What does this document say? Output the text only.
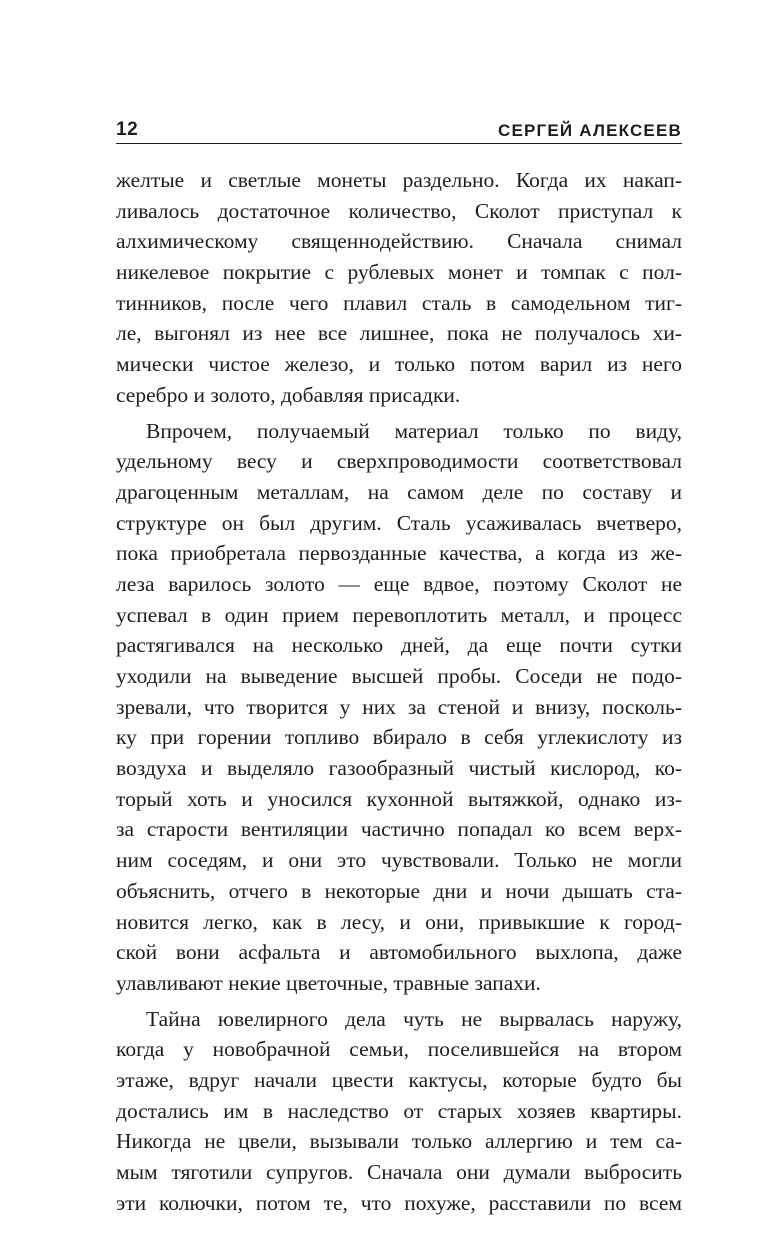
12	СЕРГЕЙ АЛЕКСЕЕВ
желтые и светлые монеты раздельно. Когда их накап-
ливалось достаточное количество, Сколот приступал к
алхимическому священнодействию. Сначала снимал
никелевое покрытие с рублевых монет и томпак с пол-
тинников, после чего плавил сталь в самодельном тиг-
ле, выгонял из нее все лишнее, пока не получалось хи-
мически чистое железо, и только потом варил из него
серебро и золото, добавляя присадки.
Впрочем, получаемый материал только по виду,
удельному весу и сверхпроводимости соответствовал
драгоценным металлам, на самом деле по составу и
структуре он был другим. Сталь усаживалась вчетверо,
пока приобретала первозданные качества, а когда из же-
леза варилось золото — еще вдвое, поэтому Сколот не
успевал в один прием перевоплотить металл, и процесс
растягивался на несколько дней, да еще почти сутки
уходили на выведение высшей пробы. Соседи не подо-
зревали, что творится у них за стеной и внизу, посколь-
ку при горении топливо вбирало в себя углекислоту из
воздуха и выделяло газообразный чистый кислород, ко-
торый хоть и уносился кухонной вытяжкой, однако из-
за старости вентиляции частично попадал ко всем верх-
ним соседям, и они это чувствовали. Только не могли
объяснить, отчего в некоторые дни и ночи дышать ста-
новится легко, как в лесу, и они, привыкшие к город-
ской вони асфальта и автомобильного выхлопа, даже
улавливают некие цветочные, травные запахи.
Тайна ювелирного дела чуть не вырвалась наружу,
когда у новобрачной семьи, поселившейся на втором
этаже, вдруг начали цвести кактусы, которые будто бы
достались им в наследство от старых хозяев квартиры.
Никогда не цвели, вызывали только аллергию и тем са-
мым тяготили супругов. Сначала они думали выбросить
эти колючки, потом те, что похуже, расставили по всем
